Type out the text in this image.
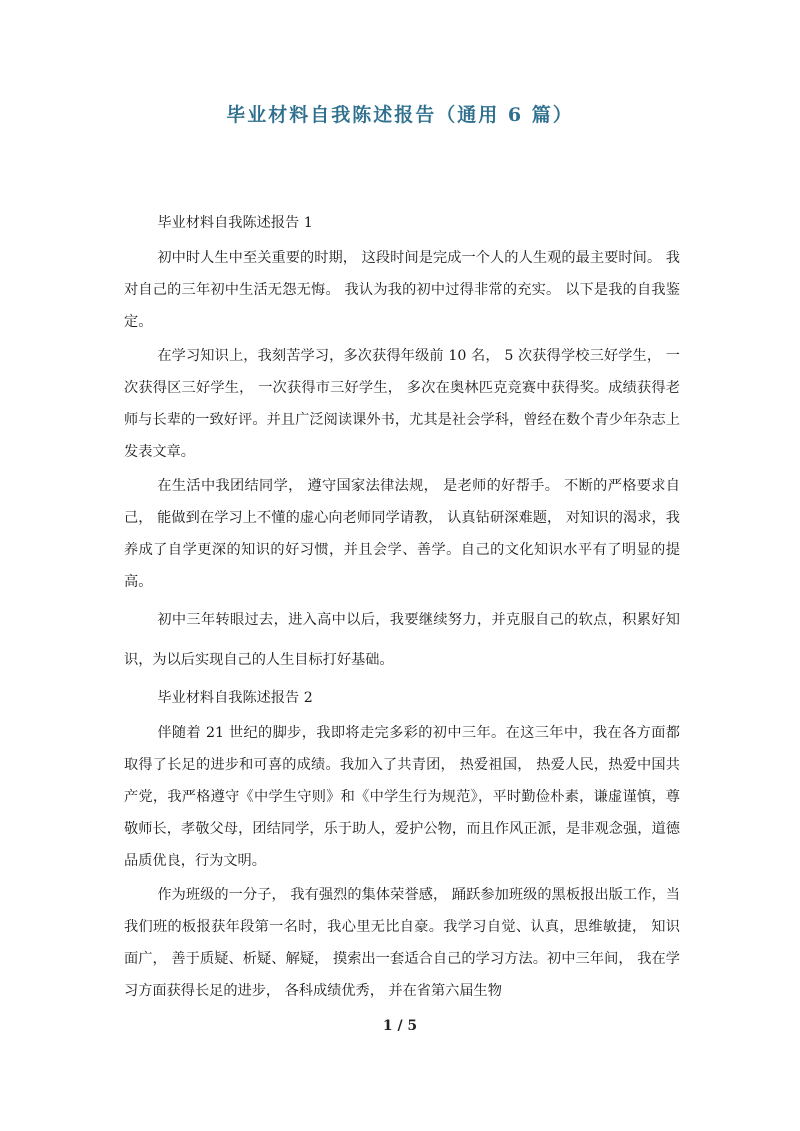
毕业材料自我陈述报告（通用 6 篇）

毕业材料自我陈述报告 1

初中时人生中至关重要的时期， 这段时间是完成一个人的人生观的最主要时间。 我对自己的三年初中生活无怨无悔。 我认为我的初中过得非常的充实。 以下是我的自我鉴定。

在学习知识上，我刻苦学习，多次获得年级前 10 名， 5 次获得学校三好学生， 一次获得区三好学生， 一次获得市三好学生， 多次在奥林匹克竞赛中获得奖。成绩获得老师与长辈的一致好评。并且广泛阅读课外书，尤其是社会学科，曾经在数个青少年杂志上发表文章。

在生活中我团结同学， 遵守国家法律法规， 是老师的好帮手。 不断的严格要求自己， 能做到在学习上不懂的虚心向老师同学请教， 认真钻研深难题， 对知识的渴求，我养成了自学更深的知识的好习惯，并且会学、善学。自己的文化知识水平有了明显的提高。

初中三年转眼过去，进入高中以后，我要继续努力，并克服自己的软点，积累好知识，为以后实现自己的人生目标打好基础。

毕业材料自我陈述报告 2

伴随着 21 世纪的脚步，我即将走完多彩的初中三年。在这三年中，我在各方面都取得了长足的进步和可喜的成绩。我加入了共青团， 热爱祖国， 热爱人民，热爱中国共产党，我严格遵守《中学生守则》和《中学生行为规范》，平时勤俭朴素，谦虚谨慎，尊敬师长，孝敬父母，团结同学，乐于助人，爱护公物，而且作风正派，是非观念强，道德品质优良，行为文明。

作为班级的一分子， 我有强烈的集体荣誉感， 踊跃参加班级的黑板报出版工作，当我们班的板报获年段第一名时，我心里无比自豪。我学习自觉、认真，思维敏捷， 知识面广， 善于质疑、析疑、解疑， 摸索出一套适合自己的学习方法。初中三年间， 我在学习方面获得长足的进步， 各科成绩优秀， 并在省第六届生物

1 / 5
